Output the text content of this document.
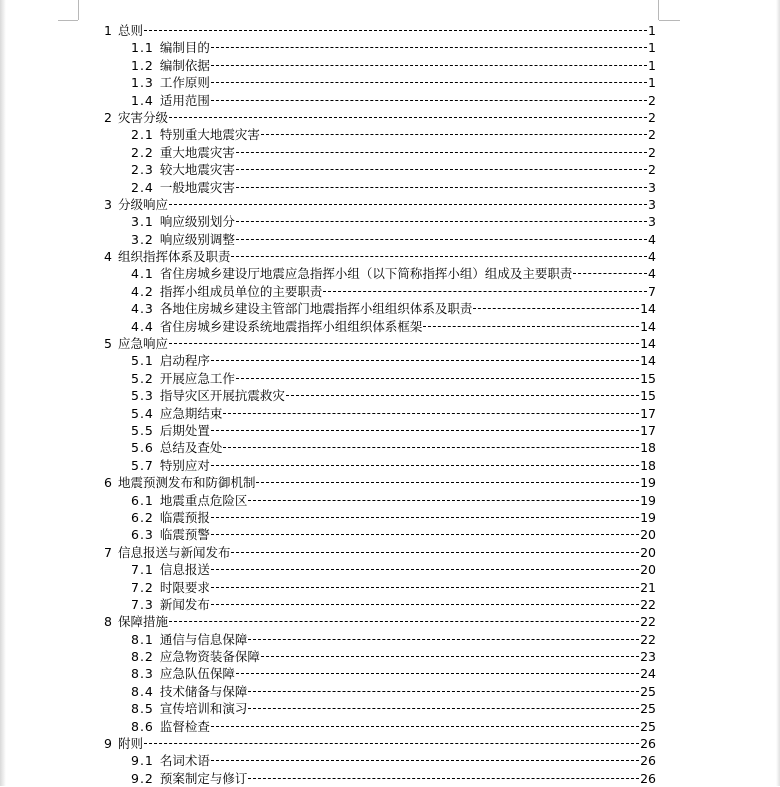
1 总则	1
1.1 编制目的	1
1.2 编制依据	1
1.3 工作原则	1
1.4 适用范围	2
2 灾害分级	2
2.1 特别重大地震灾害	2
2.2 重大地震灾害	2
2.3 较大地震灾害	2
2.4 一般地震灾害	3
3 分级响应	3
3.1 响应级别划分	3
3.2 响应级别调整	4
4 组织指挥体系及职责	4
4.1 省住房城乡建设厅地震应急指挥小组（以下简称指挥小组）组成及主要职责	4
4.2 指挥小组成员单位的主要职责	7
4.3 各地住房城乡建设主管部门地震指挥小组组织体系及职责	14
4.4 省住房城乡建设系统地震指挥小组组织体系框架	14
5 应急响应	14
5.1 启动程序	14
5.2 开展应急工作	15
5.3 指导灾区开展抗震救灾	15
5.4 应急期结束	17
5.5 后期处置	17
5.6 总结及查处	18
5.7 特别应对	18
6 地震预测发布和防御机制	19
6.1 地震重点危险区	19
6.2 临震预报	19
6.3 临震预警	20
7 信息报送与新闻发布	20
7.1 信息报送	20
7.2 时限要求	21
7.3 新闻发布	22
8 保障措施	22
8.1 通信与信息保障	22
8.2 应急物资装备保障	23
8.3 应急队伍保障	24
8.4 技术储备与保障	25
8.5 宣传培训和演习	25
8.6 监督检查	25
9 附则	26
9.1 名词术语	26
9.2 预案制定与修订	26
